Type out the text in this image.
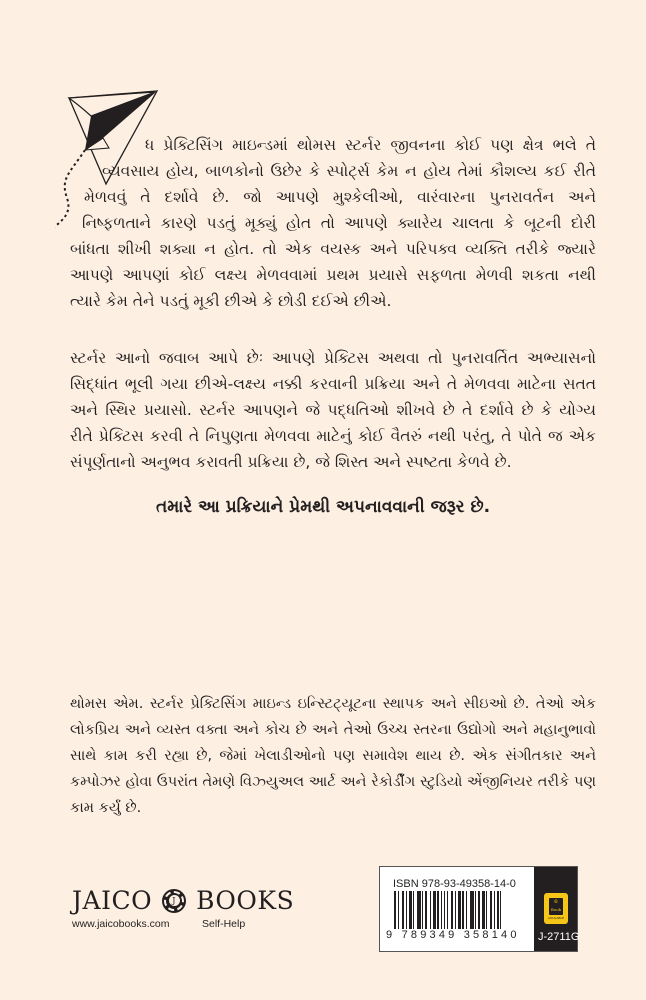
ધ પ્રેક્ટિસિંગ માઇન્ડમાં થોમસ સ્ટર્નર જીવનના કોઈ પણ ક્ષેત્ર ભલે તે
વ્યવસાય હોય, બાળકોનો ઉછેર કે સ્પોર્ટ્સ કેમ ન હોય તેમાં કૌશલ્ય કઈ રીતે
મેળવવું તે દર્શાવે છે. જો આપણે મુશ્કેલીઓ, વારંવારના પુનરાવર્તન અને
નિષ્ફળતાને કારણે પડતું મૂક્યું હોત તો આપણે ક્યારેય ચાલતા કે બૂટની દોરી
બાંધતા શીખી શક્યા ન હોત. તો એક વયસ્ક અને પરિપક્વ વ્યક્તિ તરીકે જ્યારે
આપણે આપણાં કોઈ લક્ષ્ય મેળવવામાં પ્રથમ પ્રયાસે સફળતા મેળવી શકતા નથી
ત્યારે કેમ તેને પડતું મૂકી છીએ કે છોડી દઈએ છીએ.
સ્ટર્નર આનો જવાબ આપે છેઃ આપણે પ્રેક્ટિસ અથવા તો પુનરાવર્તિત અભ્યાસનો
સિદ્ધાંત ભૂલી ગયા છીએ-લક્ષ્ય નક્કી કરવાની પ્રક્રિયા અને તે મેળવવા માટેના સતત
અને સ્થિર પ્રયાસો. સ્ટર્નર આપણને જે પદ્ધતિઓ શીખવે છે તે દર્શાવે છે કે યોગ્ય
રીતે પ્રેક્ટિસ કરવી તે નિપુણતા મેળવવા માટેનું કોઈ વૈતરું નથી પરંતુ, તે પોતે જ એક
સંપૂર્ણતાનો અનુભવ કરાવતી પ્રક્રિયા છે, જે શિસ્ત અને સ્પષ્ટતા કેળવે છે.
તમારે આ પ્રક્રિયાને પ્રેમથી અપનાવવાની જરૂર છે.
થોમસ એમ. સ્ટર્નર પ્રેક્ટિસિંગ માઇન્ડ ઇન્સ્ટિટ્યૂટના સ્થાપક અને સીઇઓ છે. તેઓ એક
લોકપ્રિય અને વ્યસ્ત વક્તા અને કોચ છે અને તેઓ ઉચ્ચ સ્તરના ઉદ્યોગો અને મહાનુભાવો
સાથે કામ કરી રહ્યા છે, જેમાં ખેલાડીઓનો પણ સમાવેશ થાય છે. એક સંગીતકાર અને
કમ્પોઝર હોવા ઉપરાંત તેમણે વિઝ્યુઅલ આર્ટ અને રેકોર્ડીંગ સ્ટુડિયો એંજીનિયર તરીકે પણ
કામ કર્યું છે.
JAICO	J BOOKS
www.jaicobooks.com	Self-Help
ISBN 978-93-49358-14-0
9 789349 358140
e
Book
AVAILABLE
J-2711G
